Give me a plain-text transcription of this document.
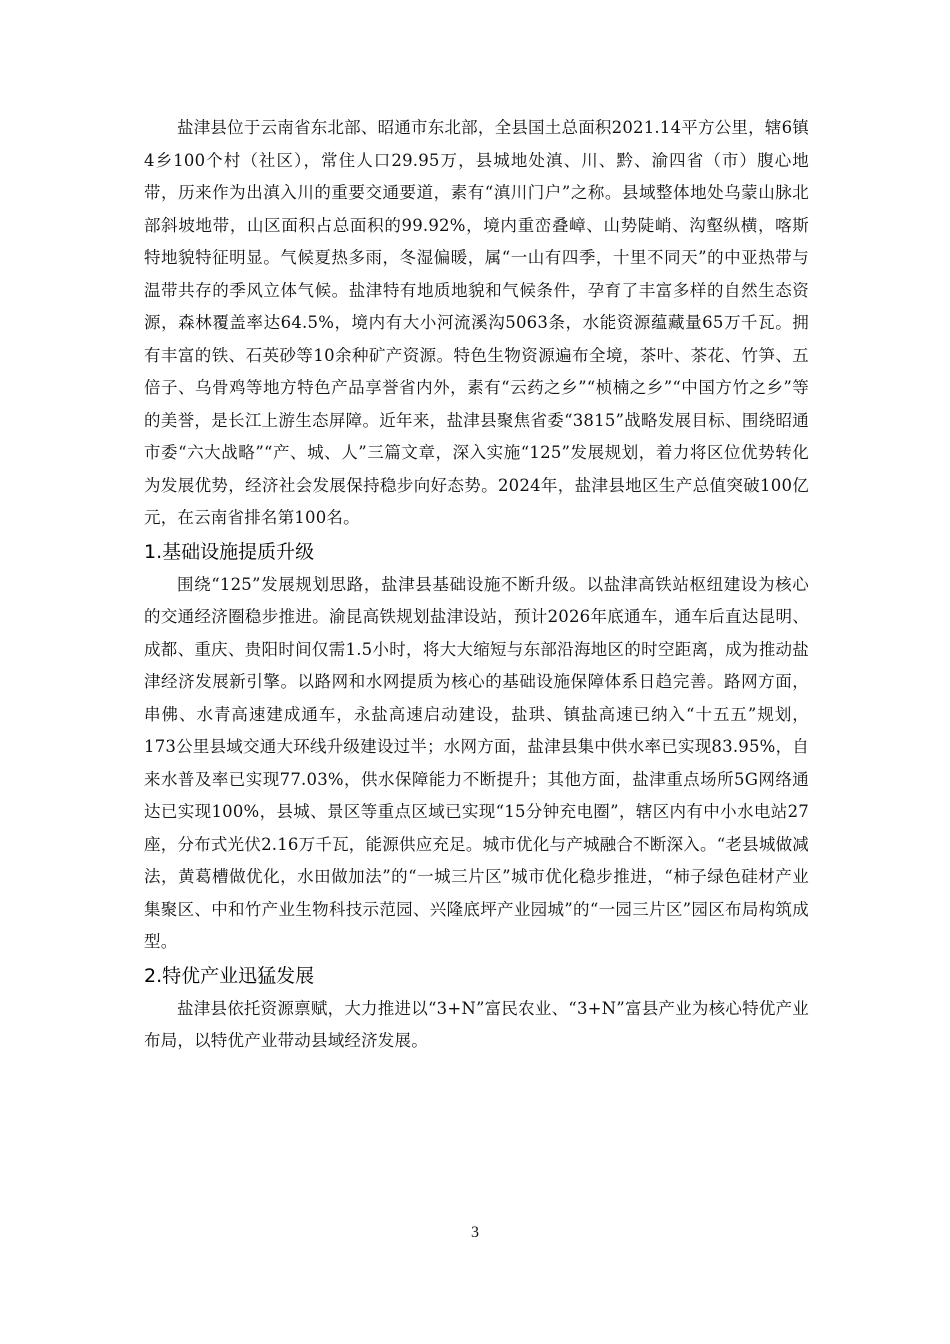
盐津县位于云南省东北部、昭通市东北部，全县国土总面积2021.14平方公里，辖6镇4乡100个村（社区），常住人口29.95万，县城地处滇、川、黔、渝四省（市）腹心地带，历来作为出滇入川的重要交通要道，素有“滇川门户”之称。县域整体地处乌蒙山脉北部斜坡地带，山区面积占总面积的99.92%，境内重峦叠嶂、山势陡峭、沟壑纵横，喀斯特地貌特征明显。气候夏热多雨，冬湿偏暖，属“一山有四季，十里不同天”的中亚热带与温带共存的季风立体气候。盐津特有地质地貌和气候条件，孕育了丰富多样的自然生态资源，森林覆盖率达64.5%，境内有大小河流溪沟5063条，水能资源蕴藏量65万千瓦。拥有丰富的铁、石英砂等10余种矿产资源。特色生物资源遍布全境，茶叶、茶花、竹笋、五倍子、乌骨鸡等地方特色产品享誉省内外，素有“云药之乡”“桢楠之乡”“中国方竹之乡”等的美誉，是长江上游生态屏障。近年来，盐津县聚焦省委“3815”战略发展目标、围绕昭通市委“六大战略”“产、城、人”三篇文章，深入实施“125”发展规划，着力将区位优势转化为发展优势，经济社会发展保持稳步向好态势。2024年，盐津县地区生产总值突破100亿元，在云南省排名第100名。

1.基础设施提质升级

围绕“125”发展规划思路，盐津县基础设施不断升级。以盐津高铁站枢纽建设为核心的交通经济圈稳步推进。渝昆高铁规划盐津设站，预计2026年底通车，通车后直达昆明、成都、重庆、贵阳时间仅需1.5小时，将大大缩短与东部沿海地区的时空距离，成为推动盐津经济发展新引擎。以路网和水网提质为核心的基础设施保障体系日趋完善。路网方面，串佛、水青高速建成通车，永盐高速启动建设，盐珙、镇盐高速已纳入“十五五”规划，173公里县域交通大环线升级建设过半；水网方面，盐津县集中供水率已实现83.95%，自来水普及率已实现77.03%，供水保障能力不断提升；其他方面，盐津重点场所5G网络通达已实现100%，县城、景区等重点区域已实现“15分钟充电圈”，辖区内有中小水电站27座，分布式光伏2.16万千瓦，能源供应充足。城市优化与产城融合不断深入。“老县城做减法，黄葛槽做优化，水田做加法”的“一城三片区”城市优化稳步推进，“柿子绿色硅材产业集聚区、中和竹产业生物科技示范园、兴隆底坪产业园城”的“一园三片区”园区布局构筑成型。

2.特优产业迅猛发展

盐津县依托资源禀赋，大力推进以“3+N”富民农业、“3+N”富县产业为核心特优产业布局，以特优产业带动县域经济发展。

3
